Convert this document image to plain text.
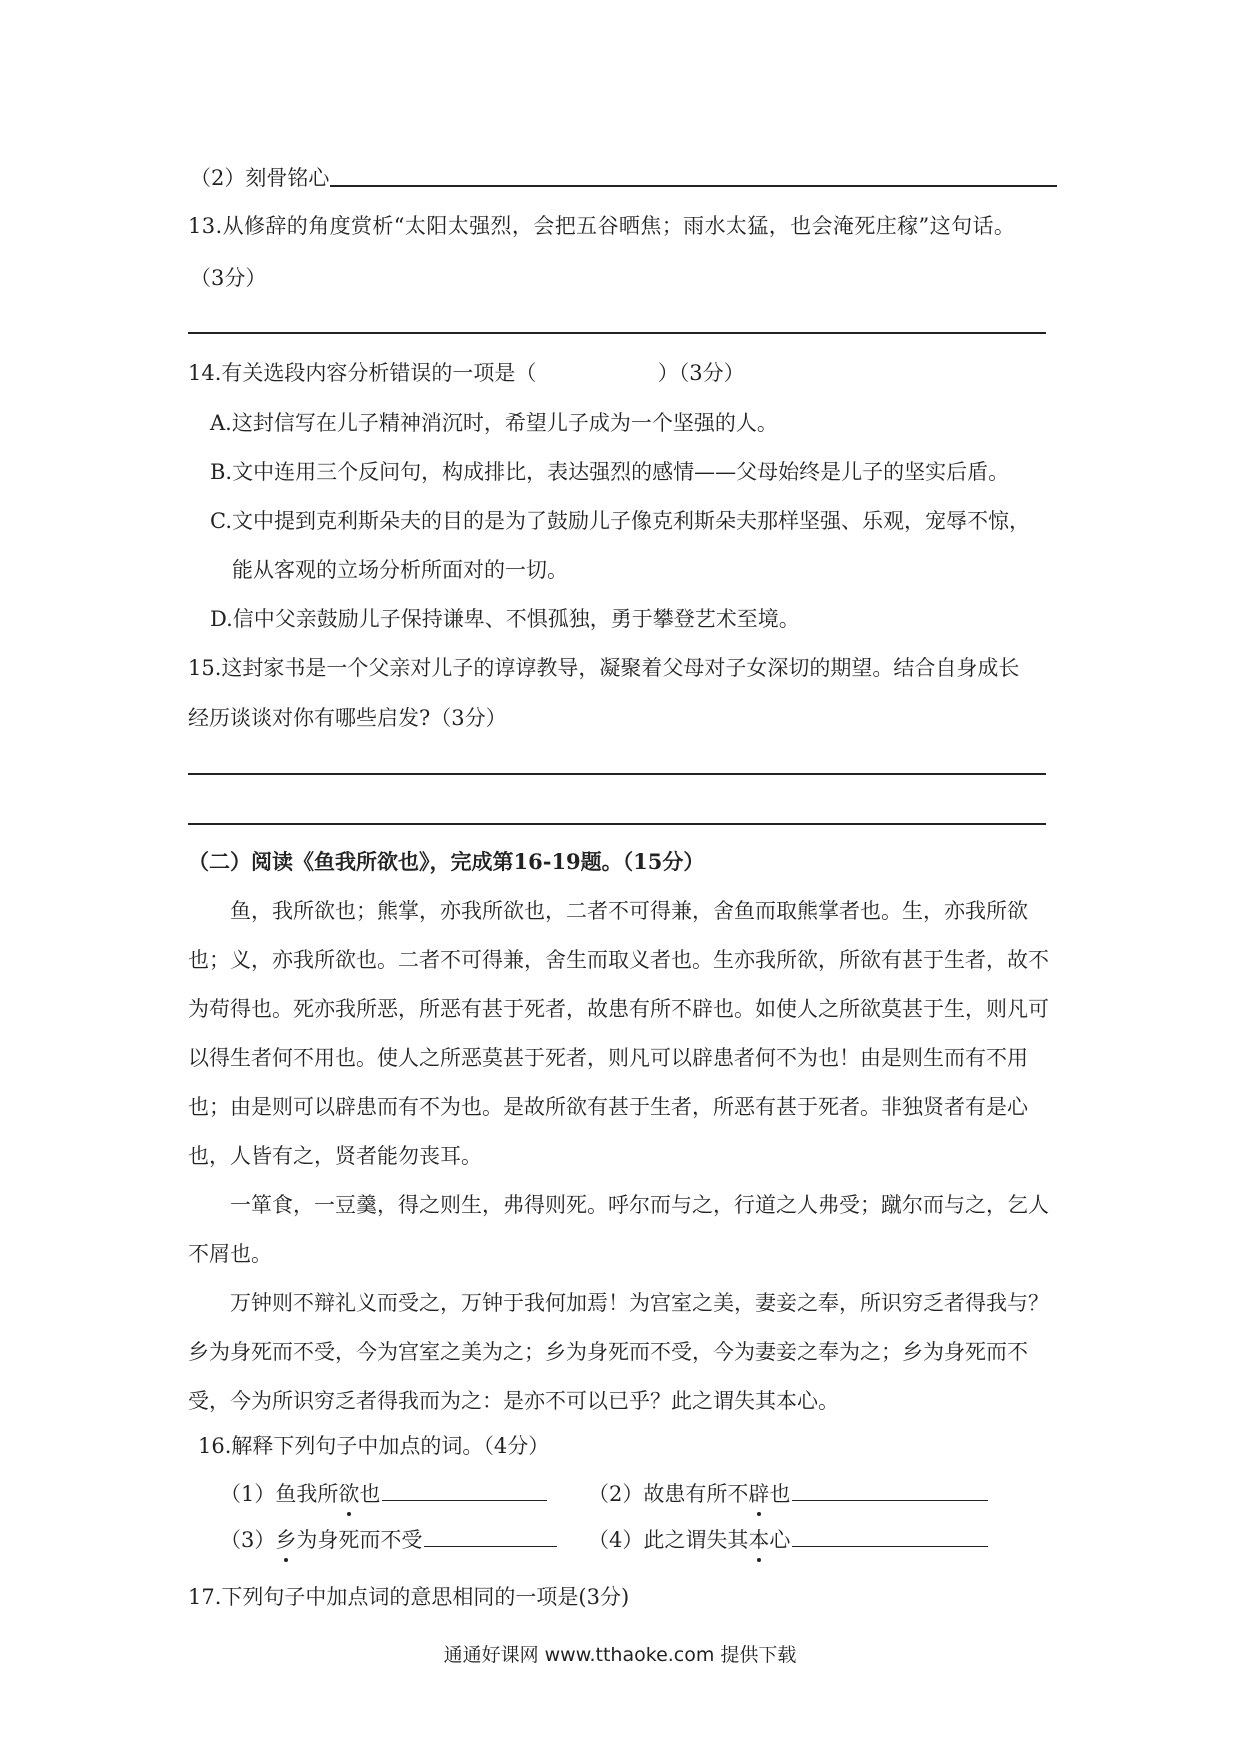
（2）刻骨铭心
13.从修辞的角度赏析“太阳太强烈，会把五谷晒焦；雨水太猛，也会淹死庄稼”这句话。
（3分）
14.有关选段内容分析错误的一项是（	）（3分）
A.这封信写在儿子精神消沉时，希望儿子成为一个坚强的人。
B.文中连用三个反问句，构成排比，表达强烈的感情——父母始终是儿子的坚实后盾。
C.文中提到克利斯朵夫的目的是为了鼓励儿子像克利斯朵夫那样坚强、乐观，宠辱不惊，
能从客观的立场分析所面对的一切。
D.信中父亲鼓励儿子保持谦卑、不惧孤独，勇于攀登艺术至境。
15.这封家书是一个父亲对儿子的谆谆教导，凝聚着父母对子女深切的期望。结合自身成长
经历谈谈对你有哪些启发?（3分）
（二）阅读《鱼我所欲也》，完成第16-19题。（15分）

鱼，我所欲也；熊掌，亦我所欲也，二者不可得兼，舍鱼而取熊掌者也。生，亦我所欲也；义，亦我所欲也。二者不可得兼，舍生而取义者也。生亦我所欲，所欲有甚于生者，故不为苟得也。死亦我所恶，所恶有甚于死者，故患有所不辟也。如使人之所欲莫甚于生，则凡可以得生者何不用也。使人之所恶莫甚于死者，则凡可以辟患者何不为也！由是则生而有不用也；由是则可以辟患而有不为也。是故所欲有甚于生者，所恶有甚于死者。非独贤者有是心也，人皆有之，贤者能勿丧耳。

一箪食，一豆羹，得之则生，弗得则死。呼尔而与之，行道之人弗受；蹴尔而与之，乞人不屑也。

万钟则不辩礼义而受之，万钟于我何加焉！为宫室之美，妻妾之奉，所识穷乏者得我与？乡为身死而不受，今为宫室之美为之；乡为身死而不受，今为妻妾之奉为之；乡为身死而不受，今为所识穷乏者得我而为之：是亦不可以已乎？此之谓失其本心。

16.解释下列句子中加点的词。（4分）
（1）鱼我所欲也	（2）故患有所不辟也
（3）乡为身死而不受	（4）此之谓失其本心
17.下列句子中加点词的意思相同的一项是(3分)
通通好课网 www.tthaoke.com 提供下载
